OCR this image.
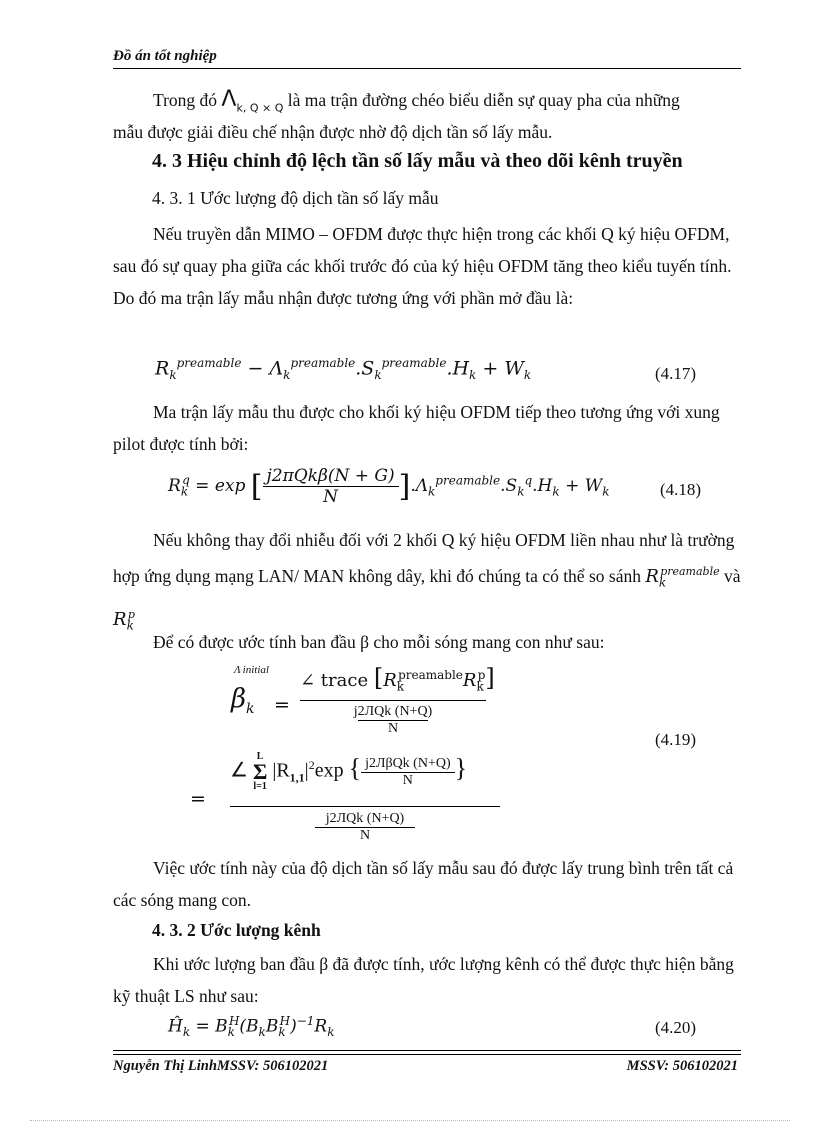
Đồ án tốt nghiệp
Trong đó $\Lambda_{k, Q \times Q}$ là ma trận đường chéo biểu diễn sự quay pha của những
mẫu được giải điều chế nhận được nhờ độ dịch tần số lấy mẫu.
4. 3 Hiệu chỉnh độ lệch tần số lấy mẫu và theo dõi kênh truyền
4. 3. 1 Ước lượng độ dịch tần số lấy mẫu
Nếu truyền dẫn MIMO – OFDM được thực hiện trong các khối Q ký hiệu OFDM, sau đó sự quay pha giữa các khối trước đó của ký hiệu OFDM tăng theo kiểu tuyến tính. Do đó ma trận lấy mẫu nhận được tương ứng với phần mở đầu là:
$R_k^{preamable} - \Lambda_k^{preamable}.S_k^{preamable}.H_k + W_k$	(4.17)
Ma trận lấy mẫu thu được cho khối ký hiệu OFDM tiếp theo tương ứng với xung pilot được tính bởi:
$R_k^q = \exp$ [ $\frac{\text{j2πQkβ(N + G)}}{N} ].\Lambda_k^{preamable}.S_k^q.H_k + W_k$	(4.18)
Nếu không thay đổi nhiễu đối với 2 khối Q ký hiệu OFDM liền nhau như là trường hợp ứng dụng mạng LAN/ MAN không dây, khi đó chúng ta có thể so sánh $R_k^{preamable}$ và $R_k^p$
Để có được ước tính ban đầu β cho mỗi sóng mang con như sau:
Λ initial
$\beta_k$ =
∠ trace $[R_k^{preamable}R_k^p]$
j2ЛQk (N+Q)
N
=
∠
L
Σ
l=1
$|R_{1,1}|^2\exp$ { $\frac{\text{j2ЛβQk (N+Q)}}{N}$ }
j2ЛQk (N+Q)
N
(4.19)
Việc ước tính này của độ dịch tần số lấy mẫu sau đó được lấy trung bình trên tất cả các sóng mang con.
4. 3. 2 Ước lượng kênh
Khi ước lượng ban đầu β đã được tính, ước lượng kênh có thể được thực hiện bằng kỹ thuật LS như sau:
$Ĥ_k = B_k^H(B_kB_k^H)^{-1}R_k$	(4.20)
Nguyễn Thị LinhMSSV: 506102021	MSSV: 506102021
